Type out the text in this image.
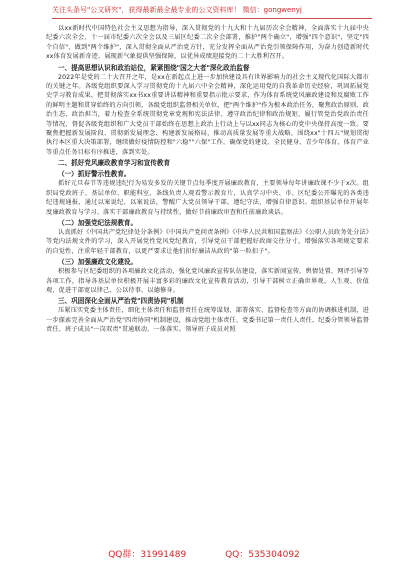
关注头条号"公文研究"，获得最新最全最专业的公文资料库！ 微信：gongwenyj

以xx新时代中国特色社会主义思想为指导，深入贯彻党的十九大和十九届历次全会精神，全面落实十九届中央纪委六次全会、十一届市纪委六次全会以及三届区纪委二次全会部署，推护"两个确立"，增强"四个意识"，坚定"四个自信"，做到"两个维护"，深入贯彻全面从严治党方针，充分发挥全面从严治党引领保障作用，为奋力创造新时代xx体育发展新奇迹，展现新气象提供坚强保障，以优异成绩迎接党的二十大胜利召开。

一、提高思想认识和政治站位，紧紧围绕"国之大者"深化政治监督

2022年是党的二十大召开之年，是xx在新起点上进一步加快建设具有世界影响力的社会主义现代化国际大都市的关键之年。各级党组织要深入学习贯彻党的十九届六中全会精神，深化运用党的自我革命历史经验，巩固拓展党史学习教育成果，把贯彻落实xx书xx重要讲话精神和重要指示批示要求，作为体育系统党风廉政建设和反腐败工作的鲜明主题和贯穿始终的方向引领，各级党组织监督相关单位，把"两个维护"作为根本政治任务，聚焦政治原则、政治生态、政治担当，着力检查全系统贯彻党章党规和宪法法律、遵守政治纪律和政治规矩、履行管党治党政治责任等情况，督促各级党组织和广大党员干部始终在思想上政治上行动上与以xx同志为核心的党中央保持高度一致。要聚焦把握新发展阶段、贯彻新发展理念、构建新发展格局，推动高质量发展等重大战略，围绕xx"十四五"规划贯彻执行本区重大决策部署，继续做好疫情防控和"六稳""六保"工作，确保党的建设、全民健身、青少年体育、体育产业等重点任务目标有序推进，落到实处。

二、抓好党风廉政教育学习和宣传教育
（一）抓好警示性教育。

抓好元旦春节等违规违纪行为易发多发的关键节点每季度开展廉政教育，主要领导每年讲廉政课不少于x次。组织局党政班子、基层单位、职能科室、条线负责人观看警示教育片，认真学习中央、市、区纪委公开曝光的各类违纪违规通报，通过以案说纪、以案说法，警醒广大党员领导干部，遵纪守法，增强自律意识。组织基层单位开展年度廉政教育与学习、落实干部廉政教育与持续性，做好节前廉政审查和任前廉政谈话。

（二）加强党纪法规教育。

认真抓好《中国共产党纪律处分条例》《中国共产党问责条例》《中华人民共和国监察法》《公职人员政务处分法》等党内法规文件的学习，深入开展党性党风党纪教育，引导党员干部把握好政商交往分寸，增强落实各项规定要求的自觉性，注重年轻干部教育，以更严要求让他们扣好廉洁从政的"第一粒扣子"。

（三）加强廉政文化建设。

积极参与区纪委组织的各项廉政文化活动，强化党风廉政宣传队伍建设，落实新闻宣传、舆情处置、网评引导等各项工作，指导各基层单位积极开展丰富多彩的廉政文化宣传教育活动，引导干部树立正确世界观、人生观、价值观，促进干部宽以律己、公以待事、以德修身。

三、巩固深化全面从严治党"四责协同"机制

压紧压实党委主体责任，细化主体责任和监督责任在统筹谋划、部署落实、监督检查等方面的协调推进机制，进一步探索完善全面从严治党"四责协同"机制建设，推动党组主体责任、党委书记第一责任人责任、纪委分管领导监督责任、班子成员"一岗双责"贯通联动、一体落实。领导班子成员对照

QQ群：31991489	QQ：535304092
